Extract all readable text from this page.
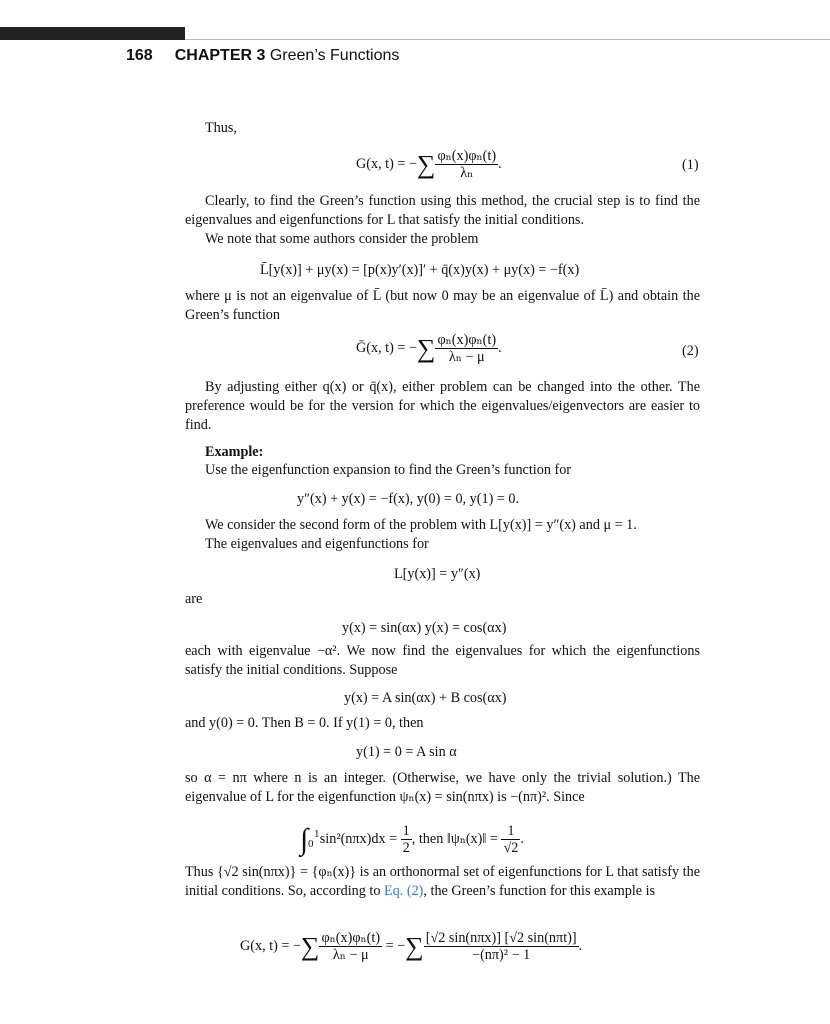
168 CHAPTER 3 Green’s Functions
Thus,
G(x, t) = −∑ $\frac{\text{φₙ(x)φₙ(t)}}{\text{λₙ}}$ .	(1)
Clearly, to find the Green’s function using this method, the crucial step is to find the eigenvalues and eigenfunctions for L that satisfy the initial conditions.
We note that some authors consider the problem
L̄[y(x)] + μy(x) = [p(x)y′(x)]′ + q̄(x)y(x) + μy(x) = −f(x)
where μ is not an eigenvalue of L̄ (but now 0 may be an eigenvalue of L̄) and obtain the Green’s function
Ḡ(x, t) = −∑ $\frac{\text{φₙ(x)φₙ(t)}}{\text{λₙ − μ}}$ .	(2)
By adjusting either q(x) or q̄(x), either problem can be changed into the other. The preference would be for the version for which the eigenvalues/eigenvectors are easier to find.
Example:
Use the eigenfunction expansion to find the Green’s function for
y″(x) + y(x) = −f(x), y(0) = 0, y(1) = 0.
We consider the second form of the problem with L[y(x)] = y″(x) and μ = 1.
The eigenvalues and eigenfunctions for
L[y(x)] = y″(x)
are
y(x) = sin(αx) y(x) = cos(αx)
each with eigenvalue −α². We now find the eigenvalues for which the eigenfunctions satisfy the initial conditions. Suppose
y(x) = A sin(αx) + B cos(αx)
and y(0) = 0. Then B = 0. If y(1) = 0, then
y(1) = 0 = A sin α
so α = nπ where n is an integer. (Otherwise, we have only the trivial solution.) The eigenvalue of L for the eigenfunction ψₙ(x) = sin(nπx) is −(nπ)². Since
∫ 1
0 $\sin^2(n\pi x)dx = \frac{1}{2}$ , then ‖ψₙ(x)‖ = $\frac{1}{√2}$ .
Thus {√2 sin(nπx)} = {φₙ(x)} is an orthonormal set of eigenfunctions for L that satisfy the initial conditions. So, according to Eq. (2), the Green’s function for this example is
G(x, t) = −∑ $\frac{\text{φₙ(x)φₙ(t)}}{\text{λₙ − μ}}$ = −∑ $\frac{\text{[√2 sin(nπx)] [√2 sin(nπt)]}}{\text{−(nπ)² − 1}}$ .
